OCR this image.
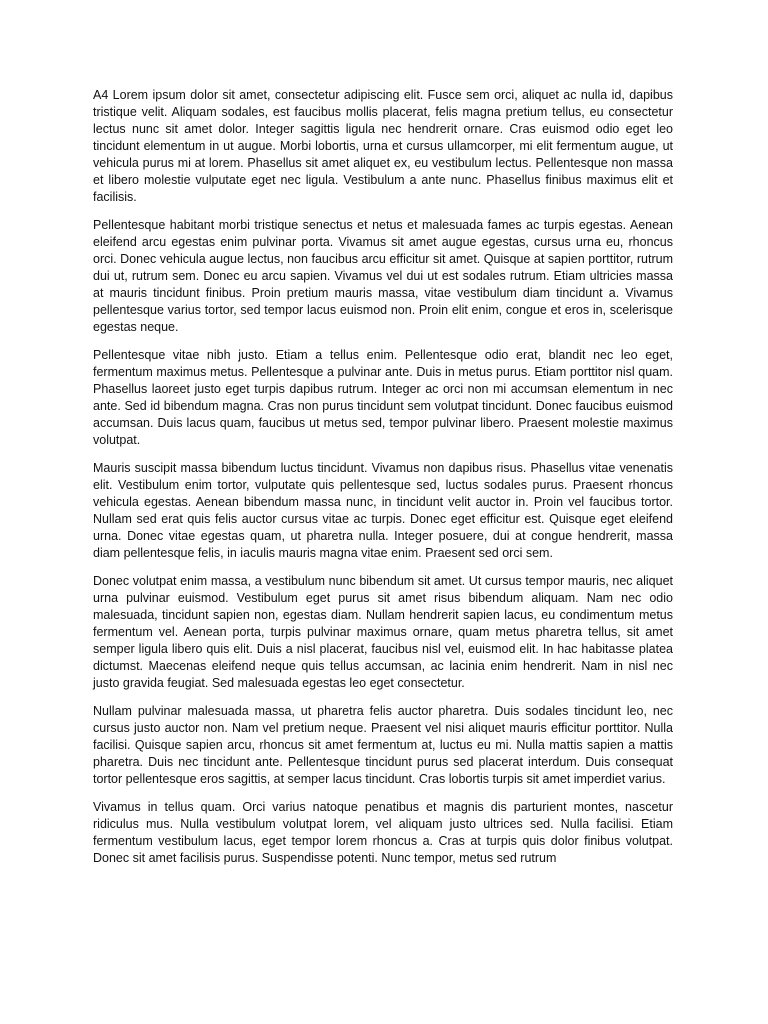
A4 Lorem ipsum dolor sit amet, consectetur adipiscing elit. Fusce sem orci, aliquet ac nulla id, dapibus tristique velit. Aliquam sodales, est faucibus mollis placerat, felis magna pretium tellus, eu consectetur lectus nunc sit amet dolor. Integer sagittis ligula nec hendrerit ornare. Cras euismod odio eget leo tincidunt elementum in ut augue. Morbi lobortis, urna et cursus ullamcorper, mi elit fermentum augue, ut vehicula purus mi at lorem. Phasellus sit amet aliquet ex, eu vestibulum lectus. Pellentesque non massa et libero molestie vulputate eget nec ligula. Vestibulum a ante nunc. Phasellus finibus maximus elit et facilisis.

Pellentesque habitant morbi tristique senectus et netus et malesuada fames ac turpis egestas. Aenean eleifend arcu egestas enim pulvinar porta. Vivamus sit amet augue egestas, cursus urna eu, rhoncus orci. Donec vehicula augue lectus, non faucibus arcu efficitur sit amet. Quisque at sapien porttitor, rutrum dui ut, rutrum sem. Donec eu arcu sapien. Vivamus vel dui ut est sodales rutrum. Etiam ultricies massa at mauris tincidunt finibus. Proin pretium mauris massa, vitae vestibulum diam tincidunt a. Vivamus pellentesque varius tortor, sed tempor lacus euismod non. Proin elit enim, congue et eros in, scelerisque egestas neque.

Pellentesque vitae nibh justo. Etiam a tellus enim. Pellentesque odio erat, blandit nec leo eget, fermentum maximus metus. Pellentesque a pulvinar ante. Duis in metus purus. Etiam porttitor nisl quam. Phasellus laoreet justo eget turpis dapibus rutrum. Integer ac orci non mi accumsan elementum in nec ante. Sed id bibendum magna. Cras non purus tincidunt sem volutpat tincidunt. Donec faucibus euismod accumsan. Duis lacus quam, faucibus ut metus sed, tempor pulvinar libero. Praesent molestie maximus volutpat.

Mauris suscipit massa bibendum luctus tincidunt. Vivamus non dapibus risus. Phasellus vitae venenatis elit. Vestibulum enim tortor, vulputate quis pellentesque sed, luctus sodales purus. Praesent rhoncus vehicula egestas. Aenean bibendum massa nunc, in tincidunt velit auctor in. Proin vel faucibus tortor. Nullam sed erat quis felis auctor cursus vitae ac turpis. Donec eget efficitur est. Quisque eget eleifend urna. Donec vitae egestas quam, ut pharetra nulla. Integer posuere, dui at congue hendrerit, massa diam pellentesque felis, in iaculis mauris magna vitae enim. Praesent sed orci sem.

Donec volutpat enim massa, a vestibulum nunc bibendum sit amet. Ut cursus tempor mauris, nec aliquet urna pulvinar euismod. Vestibulum eget purus sit amet risus bibendum aliquam. Nam nec odio malesuada, tincidunt sapien non, egestas diam. Nullam hendrerit sapien lacus, eu condimentum metus fermentum vel. Aenean porta, turpis pulvinar maximus ornare, quam metus pharetra tellus, sit amet semper ligula libero quis elit. Duis a nisl placerat, faucibus nisl vel, euismod elit. In hac habitasse platea dictumst. Maecenas eleifend neque quis tellus accumsan, ac lacinia enim hendrerit. Nam in nisl nec justo gravida feugiat. Sed malesuada egestas leo eget consectetur.

Nullam pulvinar malesuada massa, ut pharetra felis auctor pharetra. Duis sodales tincidunt leo, nec cursus justo auctor non. Nam vel pretium neque. Praesent vel nisi aliquet mauris efficitur porttitor. Nulla facilisi. Quisque sapien arcu, rhoncus sit amet fermentum at, luctus eu mi. Nulla mattis sapien a mattis pharetra. Duis nec tincidunt ante. Pellentesque tincidunt purus sed placerat interdum. Duis consequat tortor pellentesque eros sagittis, at semper lacus tincidunt. Cras lobortis turpis sit amet imperdiet varius.

Vivamus in tellus quam. Orci varius natoque penatibus et magnis dis parturient montes, nascetur ridiculus mus. Nulla vestibulum volutpat lorem, vel aliquam justo ultrices sed. Nulla facilisi. Etiam fermentum vestibulum lacus, eget tempor lorem rhoncus a. Cras at turpis quis dolor finibus volutpat. Donec sit amet facilisis purus. Suspendisse potenti. Nunc tempor, metus sed rutrum
